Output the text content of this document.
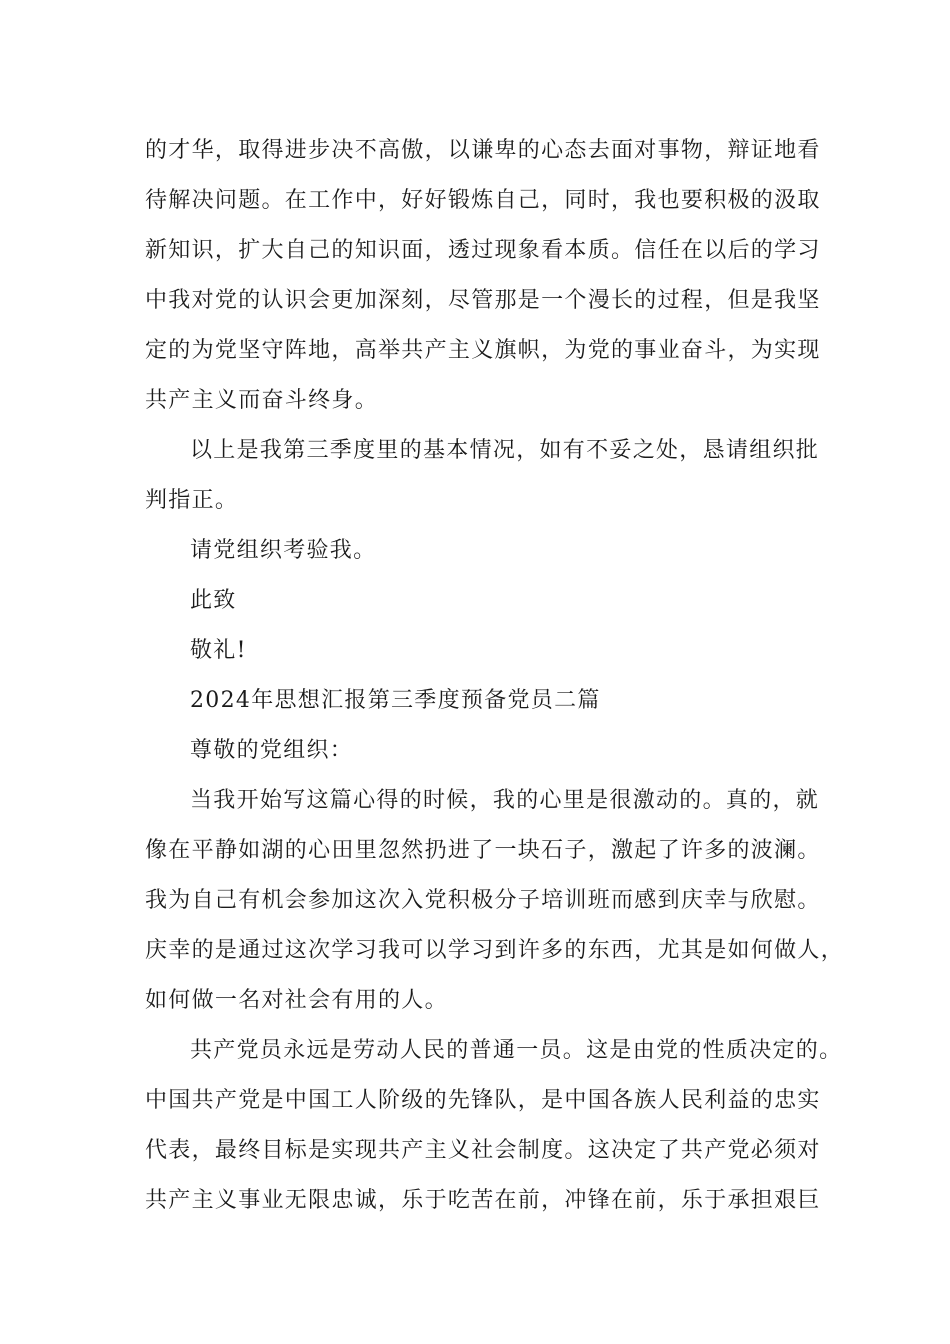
的才华，取得进步决不高傲，以谦卑的心态去面对事物，辩证地看
待解决问题。在工作中，好好锻炼自己，同时，我也要积极的汲取
新知识，扩大自己的知识面，透过现象看本质。信任在以后的学习
中我对党的认识会更加深刻，尽管那是一个漫长的过程，但是我坚
定的为党坚守阵地，高举共产主义旗帜，为党的事业奋斗，为实现
共产主义而奋斗终身。
以上是我第三季度里的基本情况，如有不妥之处，恳请组织批
判指正。
请党组织考验我。
此致
敬礼!
2024年思想汇报第三季度预备党员二篇
尊敬的党组织：
当我开始写这篇心得的时候，我的心里是很激动的。真的，就
像在平静如湖的心田里忽然扔进了一块石子，激起了许多的波澜。
我为自己有机会参加这次入党积极分子培训班而感到庆幸与欣慰。
庆幸的是通过这次学习我可以学习到许多的东西，尤其是如何做人，
如何做一名对社会有用的人。
共产党员永远是劳动人民的普通一员。这是由党的性质决定的。
中国共产党是中国工人阶级的先锋队，是中国各族人民利益的忠实
代表，最终目标是实现共产主义社会制度。这决定了共产党必须对
共产主义事业无限忠诚，乐于吃苦在前，冲锋在前，乐于承担艰巨
